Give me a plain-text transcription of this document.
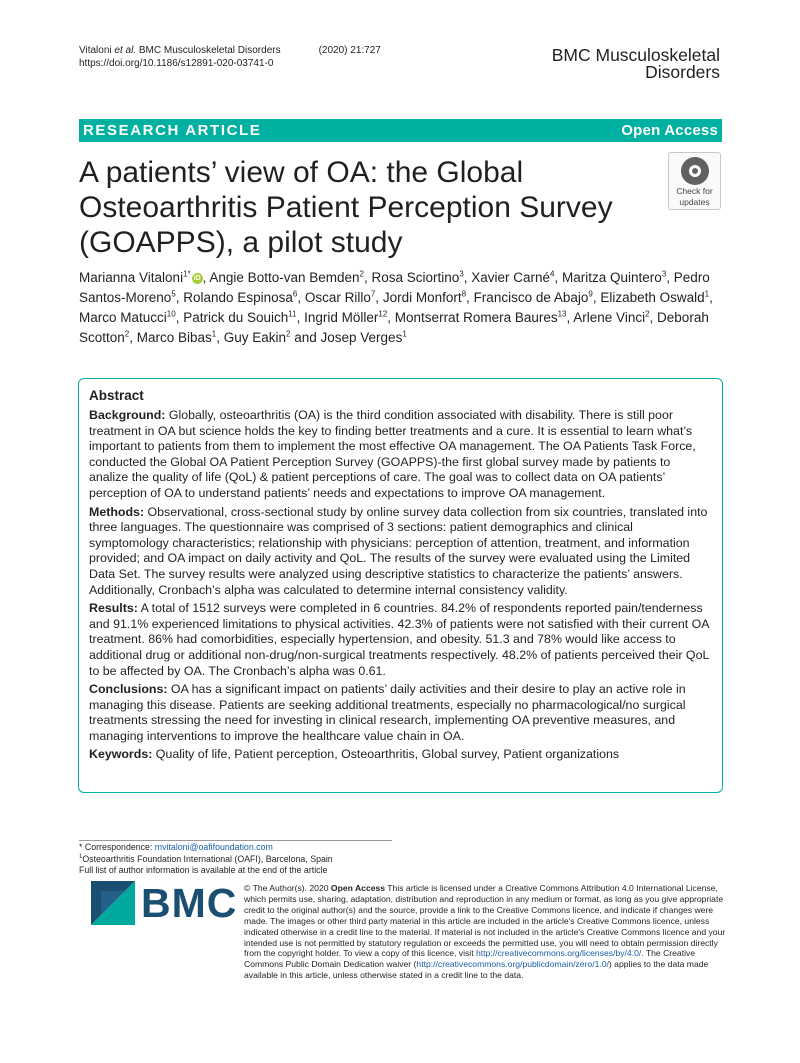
Vitaloni et al. BMC Musculoskeletal Disorders	(2020) 21:727
https://doi.org/10.1186/s12891-020-03741-0	BMC Musculoskeletal
Disorders
RESEARCH ARTICLE	Open Access
A patients’ view of OA: the Global Osteoarthritis Patient Perception Survey (GOAPPS), a pilot study
Check for
updates
Marianna Vitaloni$^{1*}$ iD , Angie Botto-van Bemden$^2$, Rosa Sciortino$^3$, Xavier Carné$^4$, Maritza Quintero$^3$, Pedro Santos-Moreno$^5$, Rolando Espinosa$^6$, Oscar Rillo$^7$, Jordi Monfort$^8$, Francisco de Abajo$^9$, Elizabeth Oswald$^1$, Marco Matucci$^{10}$, Patrick du Souich$^{11}$, Ingrid Möller$^{12}$, Montserrat Romera Baures$^{13}$, Arlene Vinci$^2$, Deborah Scotton$^2$, Marco Bibas$^1$, Guy Eakin$^2$ and Josep Verges$^1$
Abstract

Background: Globally, osteoarthritis (OA) is the third condition associated with disability. There is still poor treatment in OA but science holds the key to finding better treatments and a cure. It is essential to learn what’s important to patients from them to implement the most effective OA management. The OA Patients Task Force, conducted the Global OA Patient Perception Survey (GOAPPS)-the first global survey made by patients to analize the quality of life (QoL) & patient perceptions of care. The goal was to collect data on OA patients’ perception of OA to understand patients’ needs and expectations to improve OA management.

Methods: Observational, cross-sectional study by online survey data collection from six countries, translated into three languages. The questionnaire was comprised of 3 sections: patient demographics and clinical symptomology characteristics; relationship with physicians: perception of attention, treatment, and information provided; and OA impact on daily activity and QoL. The results of the survey were evaluated using the Limited Data Set. The survey results were analyzed using descriptive statistics to characterize the patients’ answers. Additionally, Cronbach’s alpha was calculated to determine internal consistency validity.

Results: A total of 1512 surveys were completed in 6 countries. 84.2% of respondents reported pain/tenderness and 91.1% experienced limitations to physical activities. 42.3% of patients were not satisfied with their current OA treatment. 86% had comorbidities, especially hypertension, and obesity. 51.3 and 78% would like access to additional drug or additional non-drug/non-surgical treatments respectively. 48.2% of patients perceived their QoL to be affected by OA. The Cronbach’s alpha was 0.61.

Conclusions: OA has a significant impact on patients’ daily activities and their desire to play an active role in managing this disease. Patients are seeking additional treatments, especially no pharmacological/no surgical treatments stressing the need for investing in clinical research, implementing OA preventive measures, and managing interventions to improve the healthcare value chain in OA.

Keywords: Quality of life, Patient perception, Osteoarthritis, Global survey, Patient organizations

* Correspondence: mvitaloni@oafifoundation.com
$^1$Osteoarthritis Foundation International (OAFI), Barcelona, Spain
Full list of author information is available at the end of the article
BMC © The Author(s). 2020 Open Access This article is licensed under a Creative Commons Attribution 4.0 International License, which permits use, sharing, adaptation, distribution and reproduction in any medium or format, as long as you give appropriate credit to the original author(s) and the source, provide a link to the Creative Commons licence, and indicate if changes were made. The images or other third party material in this article are included in the article's Creative Commons licence, unless indicated otherwise in a credit line to the material. If material is not included in the article's Creative Commons licence and your intended use is not permitted by statutory regulation or exceeds the permitted use, you will need to obtain permission directly from the copyright holder. To view a copy of this licence, visit http://creativecommons.org/licenses/by/4.0/. The Creative Commons Public Domain Dedication waiver (http://creativecommons.org/publicdomain/zero/1.0/) applies to the data made available in this article, unless otherwise stated in a credit line to the data.
